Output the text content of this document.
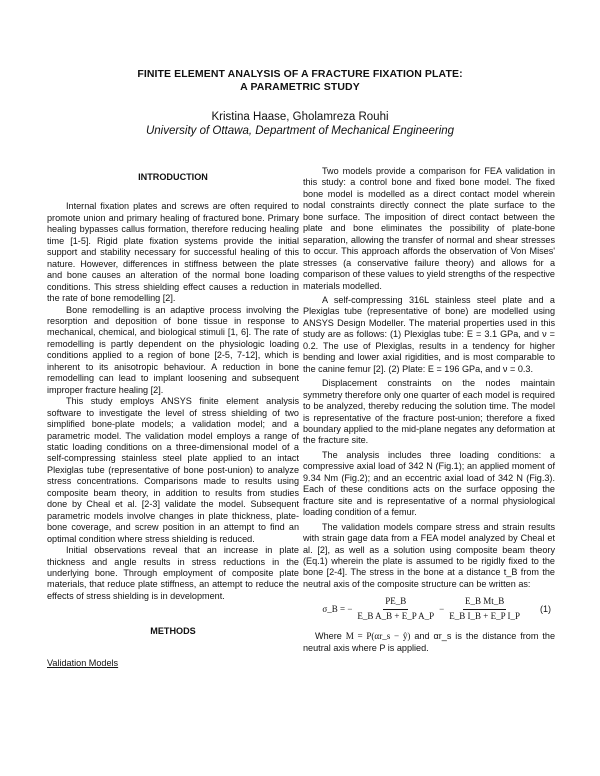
FINITE ELEMENT ANALYSIS OF A FRACTURE FIXATION PLATE:
A PARAMETRIC STUDY
Kristina Haase, Gholamreza Rouhi
University of Ottawa, Department of Mechanical Engineering
INTRODUCTION

Internal fixation plates and screws are often required to promote union and primary healing of fractured bone. Primary healing bypasses callus formation, therefore reducing healing time [1-5]. Rigid plate fixation systems provide the initial support and stability necessary for successful healing of this nature. However, differences in stiffness between the plate and bone causes an alteration of the normal bone loading conditions. This stress shielding effect causes a reduction in the rate of bone remodelling [2].

Bone remodelling is an adaptive process involving the resorption and deposition of bone tissue in response to mechanical, chemical, and biological stimuli [1, 6]. The rate of remodelling is partly dependent on the physiologic loading conditions applied to a region of bone [2-5, 7-12], which is inherent to its anisotropic behaviour. A reduction in bone remodelling can lead to implant loosening and subsequent improper fracture healing [2].

This study employs ANSYS finite element analysis software to investigate the level of stress shielding of two simplified bone-plate models; a validation model; and a parametric model. The validation model employs a range of static loading conditions on a three-dimensional model of a self-compressing stainless steel plate applied to an intact Plexiglas tube (representative of bone post-union) to analyze stress concentrations. Comparisons made to results using composite beam theory, in addition to results from studies done by Cheal et al. [2-3] validate the model. Subsequent parametric models involve changes in plate thickness, plate-bone coverage, and screw position in an attempt to find an optimal condition where stress shielding is reduced.

Initial observations reveal that an increase in plate thickness and angle results in stress reductions in the underlying bone. Through employment of composite plate materials, that reduce plate stiffness, an attempt to reduce the effects of stress shielding is in development.

METHODS

Validation Models

Two models provide a comparison for FEA validation in this study: a control bone and fixed bone model. The fixed bone model is modelled as a direct contact model wherein nodal constraints directly connect the plate surface to the bone surface. The imposition of direct contact between the plate and bone eliminates the possibility of plate-bone separation, allowing the transfer of normal and shear stresses to occur. This approach affords the observation of Von Mises' stresses (a conservative failure theory) and allows for a comparison of these values to yield strengths of the respective materials modelled.

A self-compressing 316L stainless steel plate and a Plexiglas tube (representative of bone) are modelled using ANSYS Design Modeller. The material properties used in this study are as follows: (1) Plexiglas tube: E = 3.1 GPa, and ν = 0.2. The use of Plexiglas, results in a tendency for higher bending and lower axial rigidities, and is most comparable to the canine femur [2]. (2) Plate: E = 196 GPa, and ν = 0.3.

Displacement constraints on the nodes maintain symmetry therefore only one quarter of each model is required to be analyzed, thereby reducing the solution time. The model is representative of the fracture post-union; therefore a fixed boundary applied to the mid-plane negates any deformation at the fracture site.

The analysis includes three loading conditions: a compressive axial load of 342 N (Fig.1); an applied moment of 9.34 Nm (Fig.2); and an eccentric axial load of 342 N (Fig.3). Each of these conditions acts on the surface opposing the fracture site and is representative of a normal physiological loading condition of a femur.

The validation models compare stress and strain results with strain gage data from a FEA model analyzed by Cheal et al. [2], as well as a solution using composite beam theory (Eq.1) wherein the plate is assumed to be rigidly fixed to the bone [2-4]. The stress in the bone at a distance t_B from the neutral axis of the composite structure can be written as:

σ_B = − $\frac{PE\_B}{\text{E\_B A\_B + E\_P A\_P}} - \frac{\text{E\_B Mt\_B}}{\text{E\_B I\_B + E\_P I\_P}} (1)$

Where M = P(αr_s − ŷ) and αr_s is the distance from the neutral axis where P is applied.
